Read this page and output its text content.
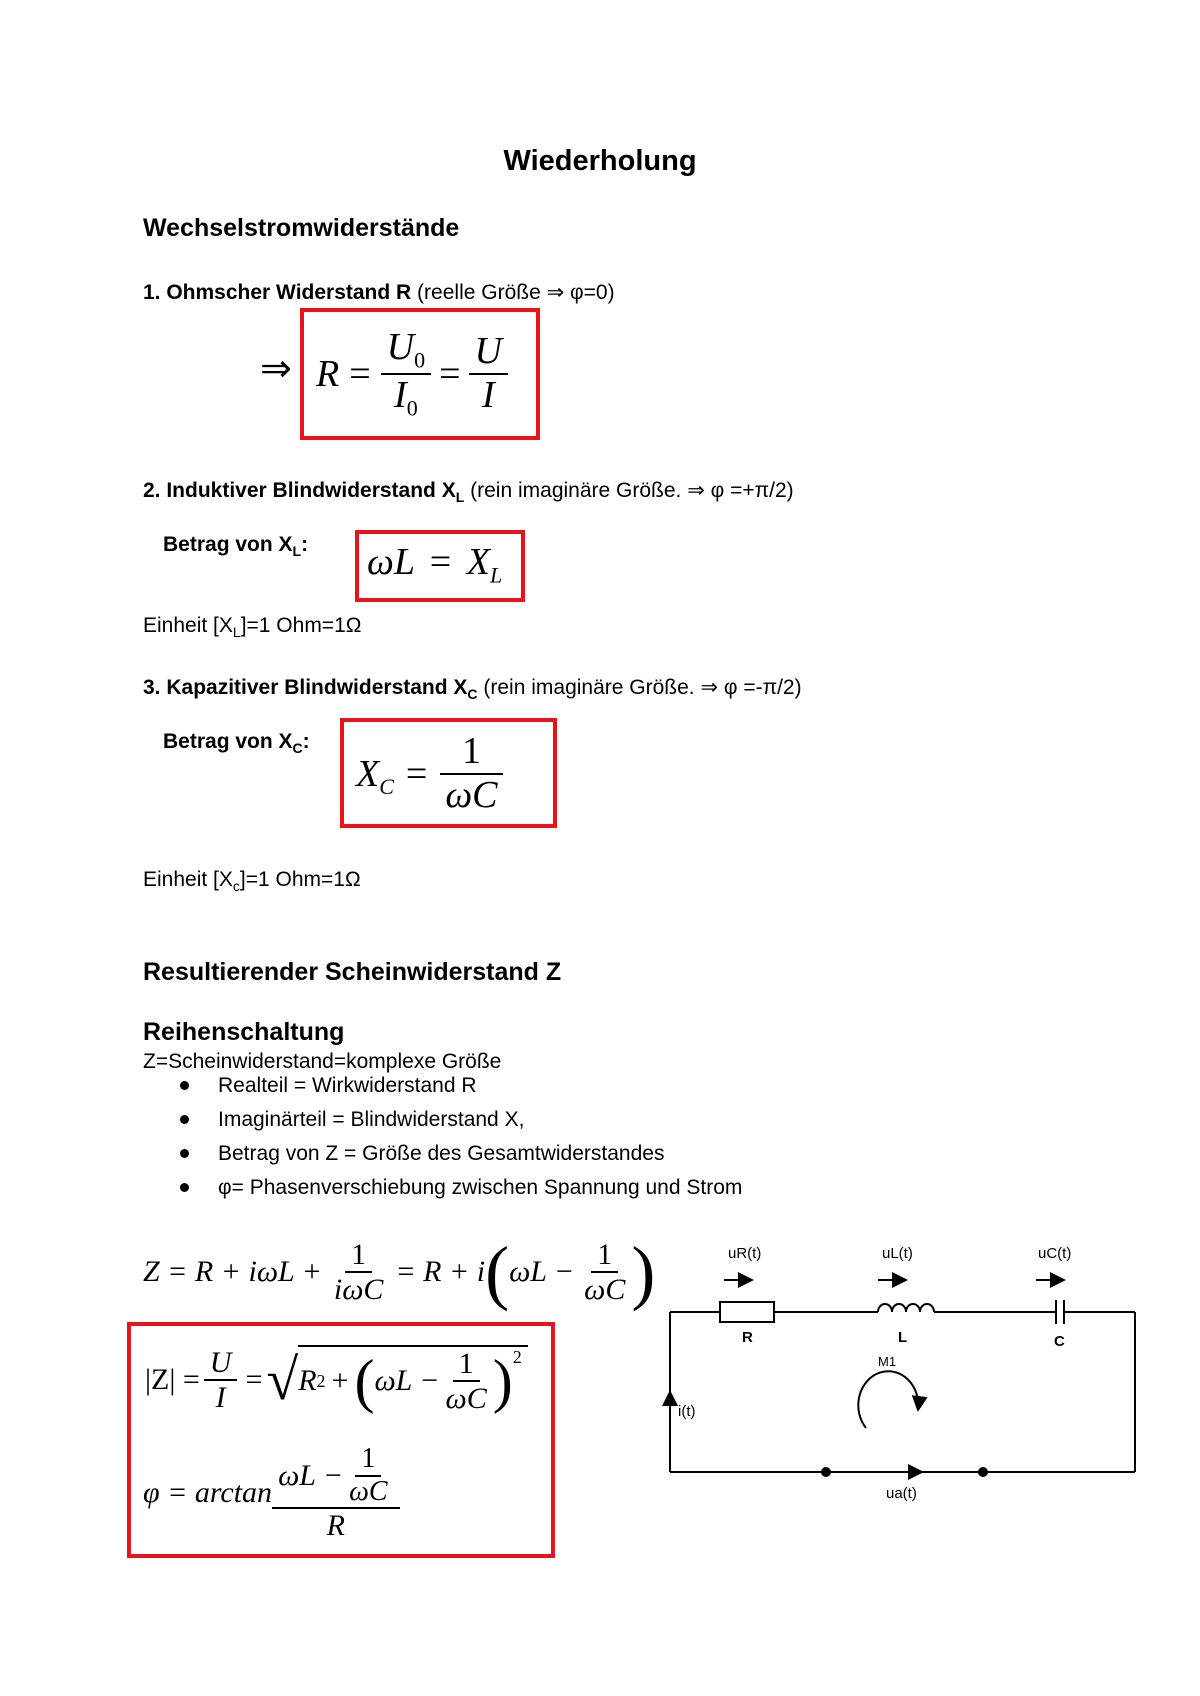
Wiederholung
Wechselstromwiderstände
1. Ohmscher Widerstand R (reelle Größe ⇒ φ=0)
⇒ $R = \frac{U_0}{I_0} = \frac{U}{I}$
2. Induktiver Blindwiderstand $X_L$ (rein imaginäre Größe. ⇒ φ =+π/2)
Betrag von $X_L$: $\omega L = X_L$
Einheit $[X_L]=1$ Ohm=1Ω
3. Kapazitiver Blindwiderstand $X_C$ (rein imaginäre Größe. ⇒ φ =-π/2)
Betrag von $X_C$:
$X_C = \frac{1}{\omega C}$
Einheit $[X_c]=1$ Ohm=1Ω
Resultierender Scheinwiderstand Z
Reihenschaltung
Z=Scheinwiderstand=komplexe Größe
Realteil = Wirkwiderstand R
Imaginärteil = Blindwiderstand X,
Betrag von Z = Größe des Gesamtwiderstandes
φ= Phasenverschiebung zwischen Spannung und Strom
$Z = R + i\omega L + \frac{1}{\text{iωC}} = R + i$ ( $\omega L - \frac{1}{\omega C}$ )
$|Z| = \frac{U}{I}$ = √ R 2 + ( $\omega L - \frac{1}{\omega C} )^2$
$\varphi = \arctan \frac{\omega L - \frac{1}{\omega C}}{R}$
uR(t)	uL(t)	uC(t)
R	L	C
M1
i(t)
ua(t)
